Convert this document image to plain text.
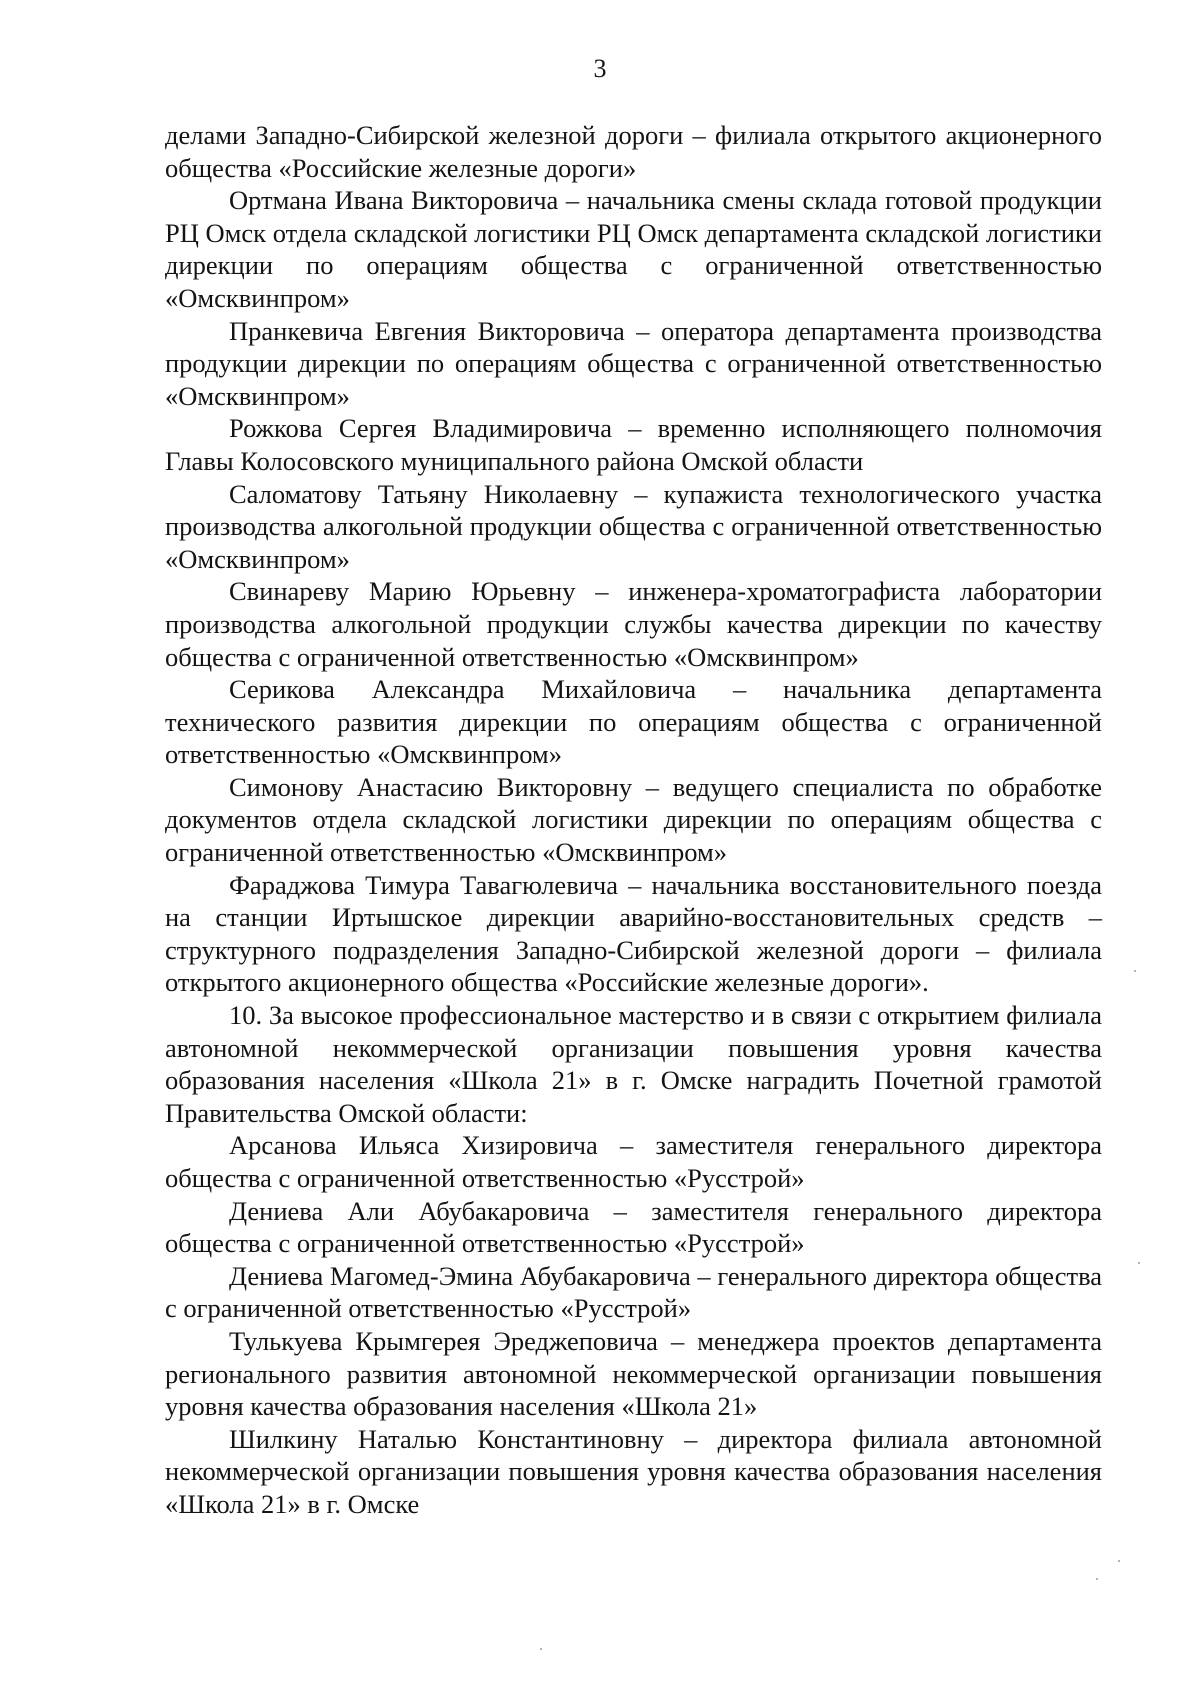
3

делами Западно-Сибирской железной дороги – филиала открытого акционерного общества «Российские железные дороги»

Ортмана Ивана Викторовича – начальника смены склада готовой продукции РЦ Омск отдела складской логистики РЦ Омск департамента складской логистики дирекции по операциям общества с ограниченной ответственностью «Омсквинпром»

Пранкевича Евгения Викторовича – оператора департамента производства продукции дирекции по операциям общества с ограниченной ответственностью «Омсквинпром»

Рожкова Сергея Владимировича – временно исполняющего полномочия Главы Колосовского муниципального района Омской области

Саломатову Татьяну Николаевну – купажиста технологического участка производства алкогольной продукции общества с ограниченной ответственностью «Омсквинпром»

Свинареву Марию Юрьевну – инженера-хроматографиста лаборатории производства алкогольной продукции службы качества дирекции по качеству общества с ограниченной ответственностью «Омсквинпром»

Серикова Александра Михайловича – начальника департамента технического развития дирекции по операциям общества с ограниченной ответственностью «Омсквинпром»

Симонову Анастасию Викторовну – ведущего специалиста по обработке документов отдела складской логистики дирекции по операциям общества с ограниченной ответственностью «Омсквинпром»

Фараджова Тимура Тавагюлевича – начальника восстановительного поезда на станции Иртышское дирекции аварийно-восстановительных средств – структурного подразделения Западно-Сибирской железной дороги – филиала открытого акционерного общества «Российские железные дороги».

10. За высокое профессиональное мастерство и в связи с открытием филиала автономной некоммерческой организации повышения уровня качества образования населения «Школа 21» в г. Омске наградить Почетной грамотой Правительства Омской области:

Арсанова Ильяса Хизировича – заместителя генерального директора общества с ограниченной ответственностью «Русстрой»

Дениева Али Абубакаровича – заместителя генерального директора общества с ограниченной ответственностью «Русстрой»

Дениева Магомед-Эмина Абубакаровича – генерального директора общества с ограниченной ответственностью «Русстрой»

Тулькуева Крымгерея Эреджеповича – менеджера проектов департамента регионального развития автономной некоммерческой организации повышения уровня качества образования населения «Школа 21»

Шилкину Наталью Константиновну – директора филиала автономной некоммерческой организации повышения уровня качества образования населения «Школа 21» в г. Омске
